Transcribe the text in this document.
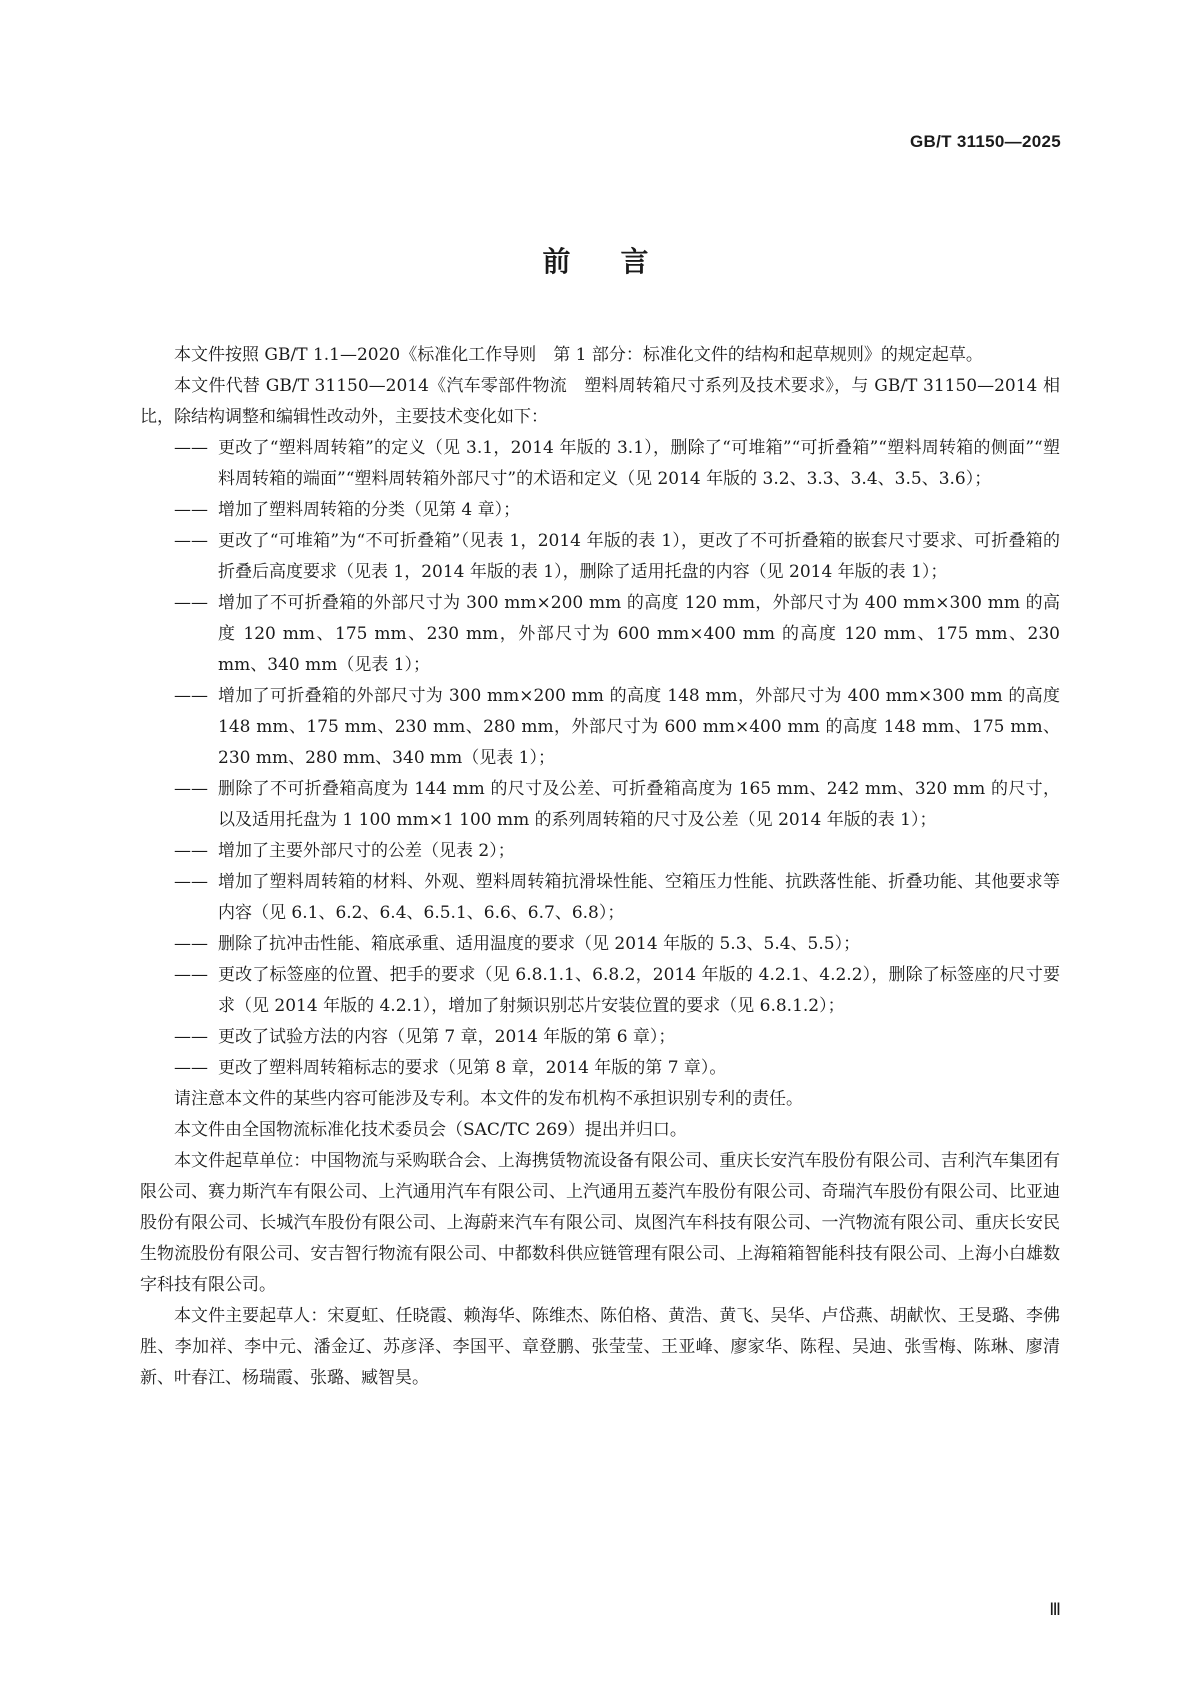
GB/T 31150—2025
前言

本文件按照 GB/T 1.1—2020《标准化工作导则　第 1 部分：标准化文件的结构和起草规则》的规定起草。

本文件代替 GB/T 31150—2014《汽车零部件物流　塑料周转箱尺寸系列及技术要求》，与 GB/T 31150—2014 相比，除结构调整和编辑性改动外，主要技术变化如下：

—— 更改了“塑料周转箱”的定义（见 3.1，2014 年版的 3.1），删除了“可堆箱”“可折叠箱”“塑料周转箱的侧面”“塑料周转箱的端面”“塑料周转箱外部尺寸”的术语和定义（见 2014 年版的 3.2、3.3、3.4、3.5、3.6）；
—— 增加了塑料周转箱的分类（见第 4 章）；
—— 更改了“可堆箱”为“不可折叠箱”（见表 1，2014 年版的表 1），更改了不可折叠箱的嵌套尺寸要求、可折叠箱的折叠后高度要求（见表 1，2014 年版的表 1），删除了适用托盘的内容（见 2014 年版的表 1）；
—— 增加了不可折叠箱的外部尺寸为 300 mm×200 mm 的高度 120 mm，外部尺寸为 400 mm×300 mm 的高度 120 mm、175 mm、230 mm，外部尺寸为 600 mm×400 mm 的高度 120 mm、175 mm、230 mm、340 mm（见表 1）；
—— 增加了可折叠箱的外部尺寸为 300 mm×200 mm 的高度 148 mm，外部尺寸为 400 mm×300 mm 的高度 148 mm、175 mm、230 mm、280 mm，外部尺寸为 600 mm×400 mm 的高度 148 mm、175 mm、230 mm、280 mm、340 mm（见表 1）；
—— 删除了不可折叠箱高度为 144 mm 的尺寸及公差、可折叠箱高度为 165 mm、242 mm、320 mm 的尺寸，以及适用托盘为 1 100 mm×1 100 mm 的系列周转箱的尺寸及公差（见 2014 年版的表 1）；
—— 增加了主要外部尺寸的公差（见表 2）；
—— 增加了塑料周转箱的材料、外观、塑料周转箱抗滑垛性能、空箱压力性能、抗跌落性能、折叠功能、其他要求等内容（见 6.1、6.2、6.4、6.5.1、6.6、6.7、6.8）；
—— 删除了抗冲击性能、箱底承重、适用温度的要求（见 2014 年版的 5.3、5.4、5.5）；
—— 更改了标签座的位置、把手的要求（见 6.8.1.1、6.8.2，2014 年版的 4.2.1、4.2.2），删除了标签座的尺寸要求（见 2014 年版的 4.2.1），增加了射频识别芯片安装位置的要求（见 6.8.1.2）；
—— 更改了试验方法的内容（见第 7 章，2014 年版的第 6 章）；
—— 更改了塑料周转箱标志的要求（见第 8 章，2014 年版的第 7 章）。

请注意本文件的某些内容可能涉及专利。本文件的发布机构不承担识别专利的责任。

本文件由全国物流标准化技术委员会（SAC/TC 269）提出并归口。

本文件起草单位：中国物流与采购联合会、上海携赁物流设备有限公司、重庆长安汽车股份有限公司、吉利汽车集团有限公司、赛力斯汽车有限公司、上汽通用汽车有限公司、上汽通用五菱汽车股份有限公司、奇瑞汽车股份有限公司、比亚迪股份有限公司、长城汽车股份有限公司、上海蔚来汽车有限公司、岚图汽车科技有限公司、一汽物流有限公司、重庆长安民生物流股份有限公司、安吉智行物流有限公司、中都数科供应链管理有限公司、上海箱箱智能科技有限公司、上海小白雄数字科技有限公司。

本文件主要起草人：宋夏虹、任晓霞、赖海华、陈维杰、陈伯格、黄浩、黄飞、吴华、卢岱燕、胡献忺、王旻璐、李佛胜、李加祥、李中元、潘金辽、苏彦泽、李国平、章登鹏、张莹莹、王亚峰、廖家华、陈程、吴迪、张雪梅、陈琳、廖清新、叶春江、杨瑞霞、张璐、臧智昊。

Ⅲ
